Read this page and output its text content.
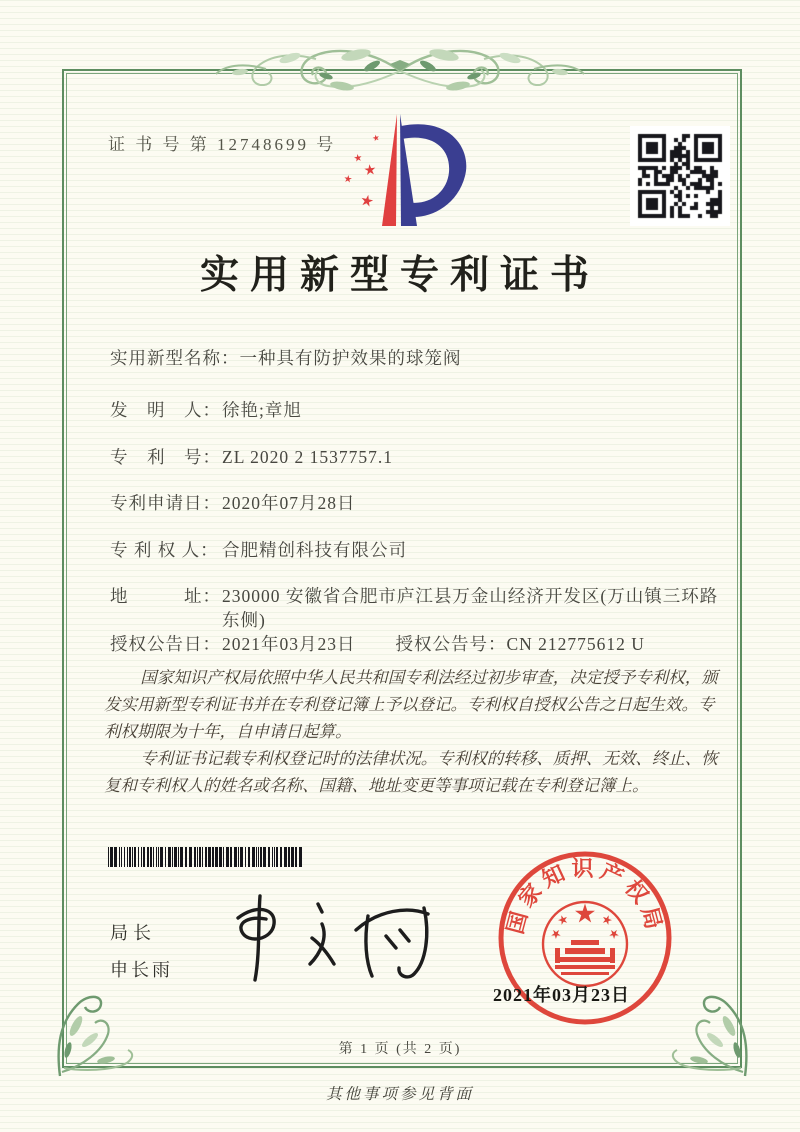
证 书 号 第 12748699 号
实用新型专利证书
实用新型名称： 一种具有防护效果的球笼阀
发　明　人： 徐艳;章旭
专　利　号： ZL 2020 2 1537757.1
专利申请日： 2020年07月28日
专 利 权 人： 合肥精创科技有限公司
地　　　址： 230000 安徽省合肥市庐江县万金山经济开发区(万山镇三环路东侧)
授权公告日： 2021年03月23日 授权公告号： CN 212775612 U

国家知识产权局依照中华人民共和国专利法经过初步审查，决定授予专利权，颁发实用新型专利证书并在专利登记簿上予以登记。专利权自授权公告之日起生效。专利权期限为十年，自申请日起算。

专利证书记载专利权登记时的法律状况。专利权的转移、质押、无效、终止、恢复和专利权人的姓名或名称、国籍、地址变更等事项记载在专利登记簿上。

局长
申长雨
国家知识产权局
2021年03月23日
第 1 页 (共 2 页)
其他事项参见背面
